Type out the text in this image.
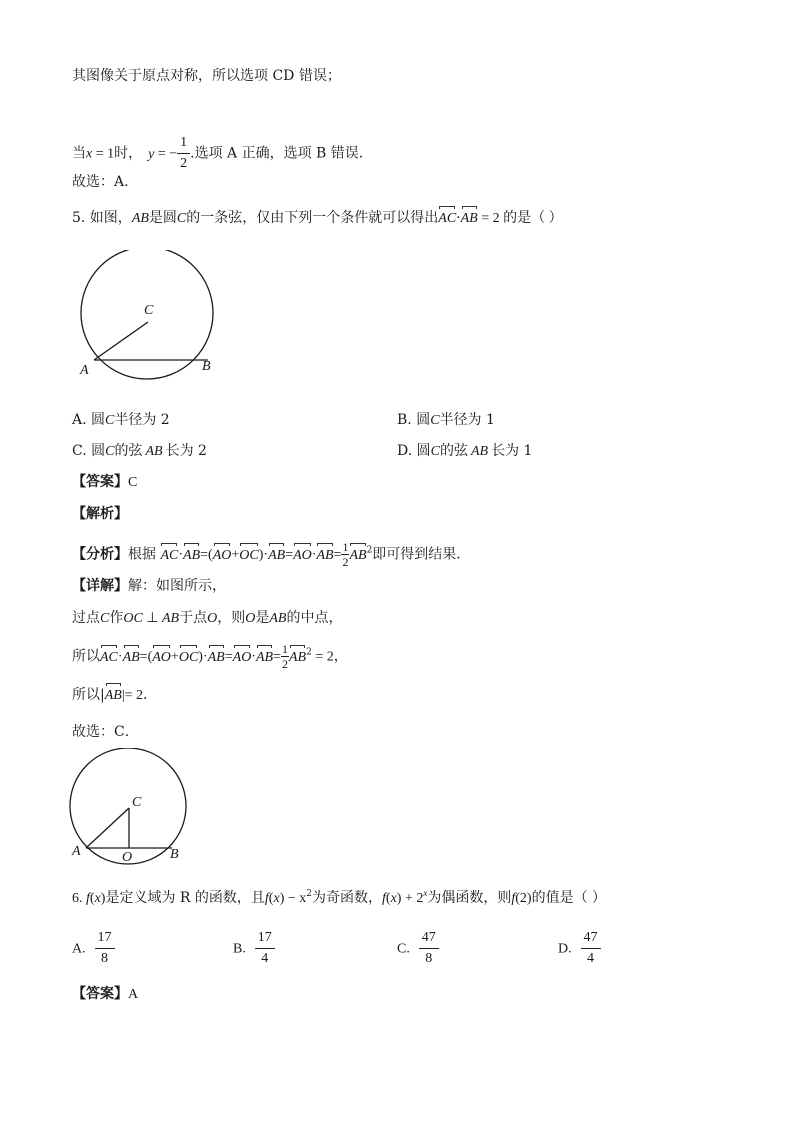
其图像关于原点对称，所以选项 CD 错误；
当x = 1时， y = − $\frac{1}{2}$ .选项 A 正确，选项 B 错误.
故选：A.
5. 如图，AB是圆C的一条弦，仅由下列一个条件就可以得出AC·AB = 2 的是（ ）
C
A	B
A. 圆C半径为 2	B. 圆C半径为 1
C. 圆C的弦 AB 长为 2	D. 圆C的弦 AB 长为 1
【答案】C
【解析】
【分析】根据 $AC\cdot AB=(AO+OC)\cdot AB=AO\cdot AB= \frac{1}{2} AB^2$即可得到结果．
【详解】解：如图所示，
过点C作OC ⊥ AB于点O，则O是AB的中点，
所以$AC\cdot AB=(AO+OC)\cdot AB=AO\cdot AB= \frac{1}{2} AB^2 = 2$，
所以|AB|= 2．
故选：C．
C
A	O	B
6. f(x)是定义域为 R 的函数，且$f(x) - x^2$为奇函数，$f(x) + 2^x$为偶函数，则f(2)的值是（ ）
A. $\frac{17}{8}$	B. $\frac{17}{4}$	C. $\frac{47}{8}$	D. $\frac{47}{4}$
【答案】A
